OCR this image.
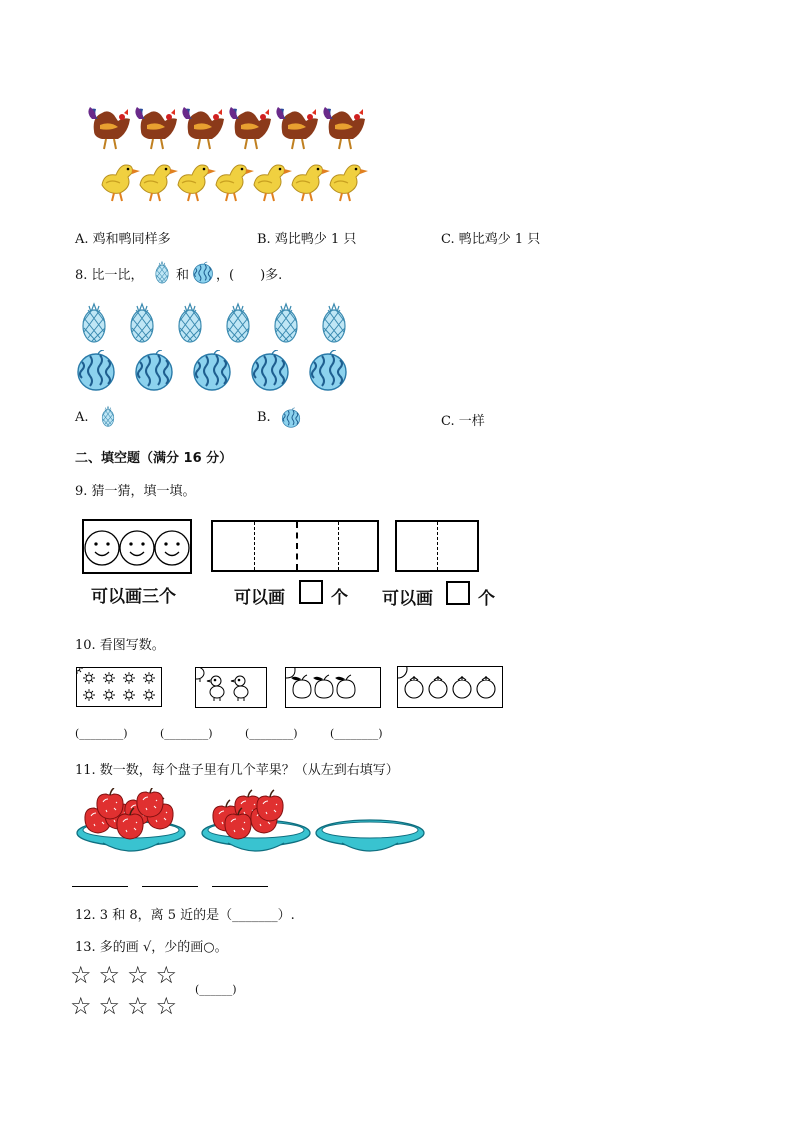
A. 鸡和鸭同样多	B. 鸡比鸭少 1 只	C. 鸭比鸡少 1 只
8. 比一比， 和 ，(　　)多.
A.	B.	C. 一样
二、填空题（满分 16 分）
9. 猜一猜，填一填。
可以画三个	可以画	个 可以画	个
10. 看图写数。
(________)	(________)	(________)	(________)
11. 数一数，每个盘子里有几个苹果？（从左到右填写）
12. 3 和 8，离 5 近的是（_______）.
13. 多的画 √，少的画○。
☆☆☆☆
☆☆☆☆
(______)
